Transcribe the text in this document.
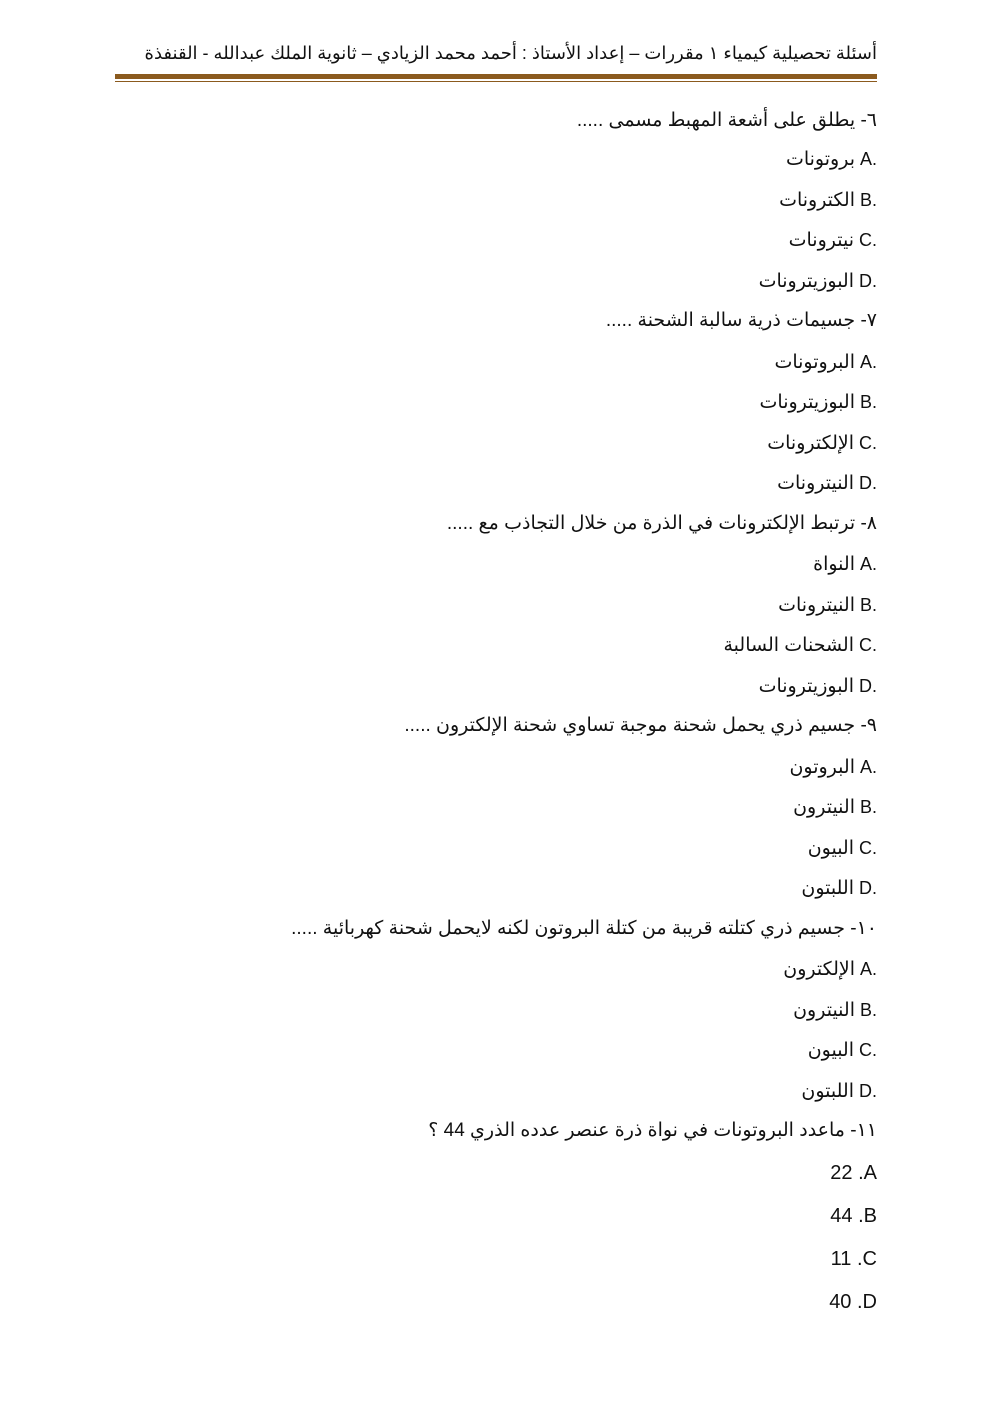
أسئلة تحصيلية كيمياء ١ مقررات – إعداد الأستاذ : أحمد محمد الزيادي – ثانوية الملك عبدالله - القنفذة
٦- يطلق على أشعة المهبط مسمى .....
A.بروتونات
B.الكترونات
C.نيترونات
D.البوزيترونات
٧- جسيمات ذرية سالبة الشحنة .....
A.البروتونات
B.البوزيترونات
C.الإلكترونات
D.النيترونات
٨- ترتبط الإلكترونات في الذرة من خلال التجاذب مع .....
A.النواة
B.النيترونات
C.الشحنات السالبة
D.البوزيترونات
٩- جسيم ذري يحمل شحنة موجبة تساوي شحنة الإلكترون .....
A.البروتون
B.النيترون
C.البيون
D.اللبتون
١٠- جسيم ذري كتلته قريبة من كتلة البروتون لكنه لايحمل شحنة كهربائية .....
A.الإلكترون
B.النيترون
C.البيون
D.اللبتون
١١- ماعدد البروتونات في نواة ذرة عنصر عدده الذري 44 ؟
22 .A
44 .B
11 .C
40 .D
